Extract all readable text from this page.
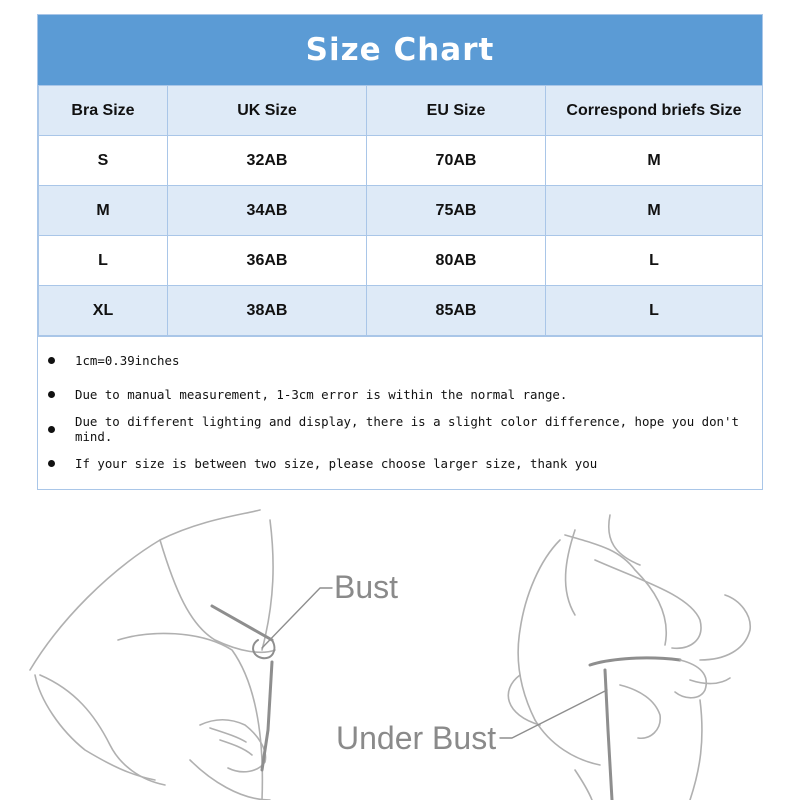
Size Chart
Bra Size	UK Size	EU Size	Correspond briefs Size
S	32AB	70AB	M
M	34AB	75AB	M
L	36AB	80AB	L
XL	38AB	85AB	L
1cm=0.39inches
Due to manual measurement, 1-3cm error is within the normal range.
Due to different lighting and display, there is a slight color difference, hope you don't mind.
If your size is between two size, please choose larger size, thank you
Bust
Under Bust
